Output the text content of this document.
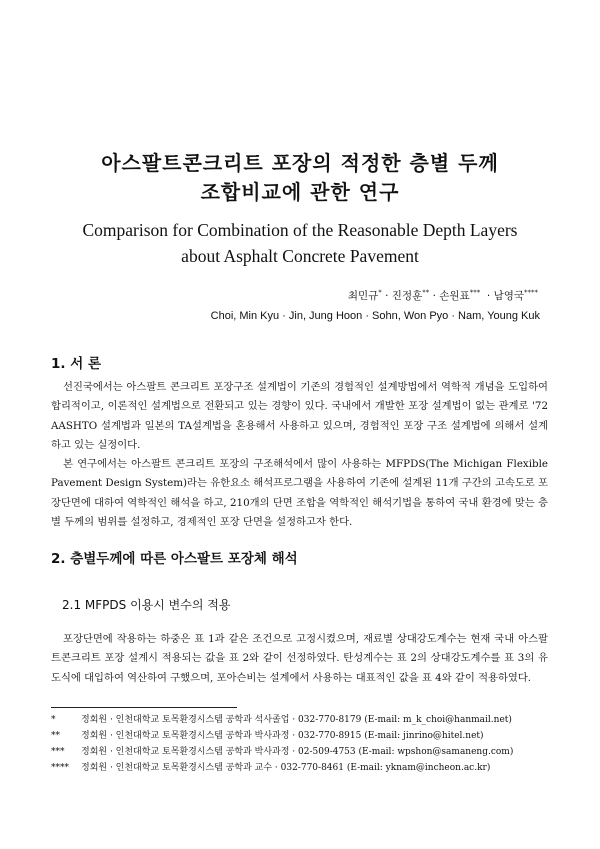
아스팔트콘크리트 포장의 적정한 층별 두께
조합비교에 관한 연구
Comparison for Combination of the Reasonable Depth Layers
about Asphalt Concrete Pavement
최민규* · 진정훈** · 손원표***  · 남영국****
Choi, Min Kyu · Jin, Jung Hoon · Sohn, Won Pyo · Nam, Young Kuk
1. 서 론

선진국에서는 아스팔트 콘크리트 포장구조 설계법이 기존의 경험적인 설계방법에서 역학적 개념을 도입하여 합리적이고, 이론적인 설계법으로 전환되고 있는 경향이 있다. 국내에서 개발한 포장 설계법이 없는 관계로 '72 AASHTO 설계법과 일본의 TA설계법을 혼용해서 사용하고 있으며, 경험적인 포장 구조 설계법에 의해서 설계하고 있는 실정이다.

본 연구에서는 아스팔트 콘크리트 포장의 구조해석에서 많이 사용하는 MFPDS(The Michigan Flexible Pavement Design System)라는 유한요소 해석프로그램을 사용하여 기존에 설계된 11개 구간의 고속도로 포장단면에 대하여 역학적인 해석을 하고, 210개의 단면 조합을 역학적인 해석기법을 통하여 국내 환경에 맞는 층별 두께의 범위를 설정하고, 경제적인 포장 단면을 설정하고자 한다.

2. 층별두께에 따른 아스팔트 포장체 해석
2.1 MFPDS 이용시 변수의 적용

포장단면에 작용하는 하중은 표 1과 같은 조건으로 고정시켰으며, 재료별 상대강도계수는 현재 국내 아스팔트콘크리트 포장 설계시 적용되는 값을 표 2와 같이 선정하였다. 탄성계수는 표 2의 상대강도계수를 표 3의 유도식에 대입하여 역산하여 구했으며, 포아슨비는 설계에서 사용하는 대표적인 값을 표 4와 같이 적용하였다.

*	정회원 · 인천대학교 토목환경시스템 공학과 석사졸업 · 032-770-8179 (E-mail: m_k_choi@hanmail.net)
**	정회원 · 인천대학교 토목환경시스템 공학과 박사과정 · 032-770-8915 (E-mail: jinrino@hitel.net)
***	정회원 · 인천대학교 토목환경시스템 공학과 박사과정 · 02-509-4753 (E-mail: wpshon@samaneng.com)
****	정회원 · 인천대학교 토목환경시스템 공학과 교수 · 032-770-8461 (E-mail: yknam@incheon.ac.kr)
